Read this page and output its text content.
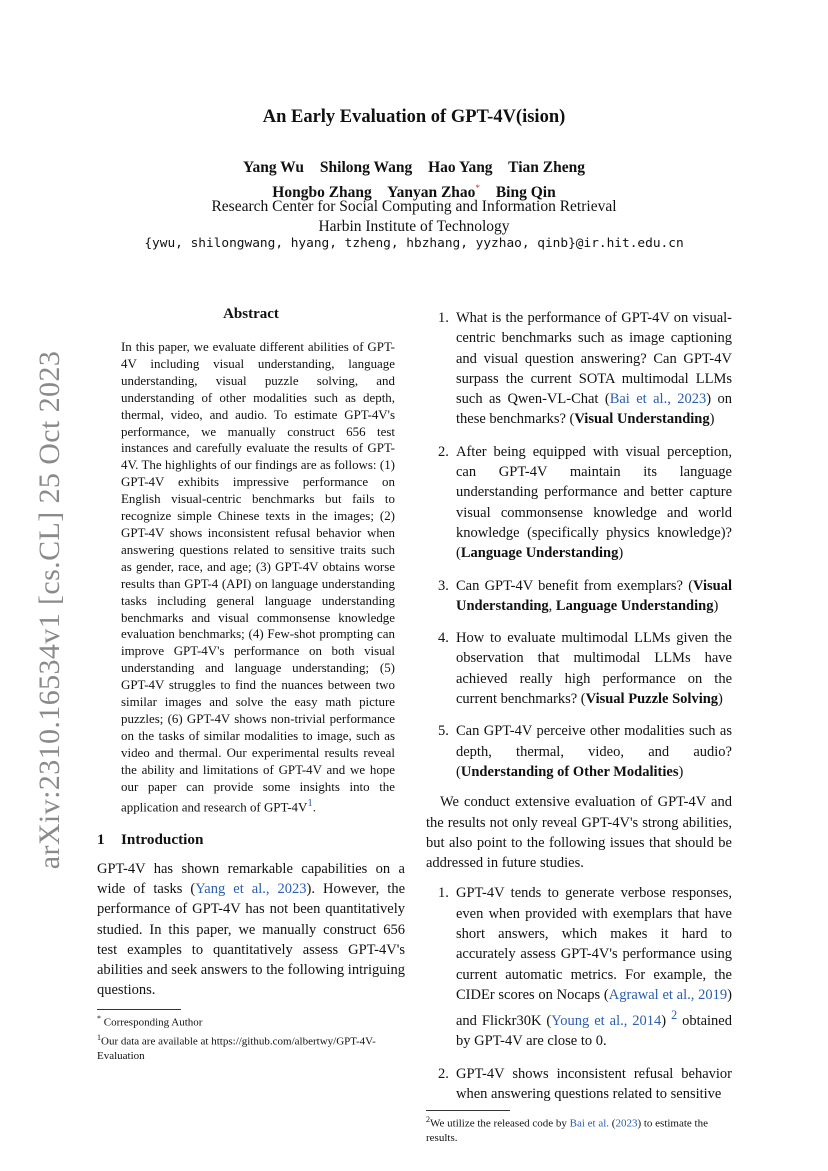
arXiv:2310.16534v1 [cs.CL] 25 Oct 2023
An Early Evaluation of GPT-4V(ision)
Yang Wu Shilong Wang Hao Yang Tian Zheng
Hongbo Zhang Yanyan Zhao* Bing Qin
Research Center for Social Computing and Information Retrieval
Harbin Institute of Technology
{ywu, shilongwang, hyang, tzheng, hbzhang, yyzhao, qinb}@ir.hit.edu.cn
Abstract
In this paper, we evaluate different abilities of GPT-4V including visual understanding, language understanding, visual puzzle solving, and understanding of other modalities such as depth, thermal, video, and audio. To estimate GPT-4V's performance, we manually construct 656 test instances and carefully evaluate the results of GPT-4V. The highlights of our findings are as follows: (1) GPT-4V exhibits impressive performance on English visual-centric benchmarks but fails to recognize simple Chinese texts in the images; (2) GPT-4V shows inconsistent refusal behavior when answering questions related to sensitive traits such as gender, race, and age; (3) GPT-4V obtains worse results than GPT-4 (API) on language understanding tasks including general language understanding benchmarks and visual commonsense knowledge evaluation benchmarks; (4) Few-shot prompting can improve GPT-4V's performance on both visual understanding and language understanding; (5) GPT-4V struggles to find the nuances between two similar images and solve the easy math picture puzzles; (6) GPT-4V shows non-trivial performance on the tasks of similar modalities to image, such as video and thermal. Our experimental results reveal the ability and limitations of GPT-4V and we hope our paper can provide some insights into the application and research of GPT-4V$^1$.
1 Introduction

GPT-4V has shown remarkable capabilities on a wide of tasks (Yang et al., 2023). However, the performance of GPT-4V has not been quantitatively studied. In this paper, we manually construct 656 test examples to quantitatively assess GPT-4V's abilities and seek answers to the following intriguing questions.

* Corresponding Author
$^1$Our data are available at https://github.com/albertwy/GPT-4V-Evaluation
1. What is the performance of GPT-4V on visual-centric benchmarks such as image captioning and visual question answering? Can GPT-4V surpass the current SOTA multimodal LLMs such as Qwen-VL-Chat (Bai et al., 2023) on these benchmarks? (Visual Understanding)
2. After being equipped with visual perception, can GPT-4V maintain its language understanding performance and better capture visual commonsense knowledge and world knowledge (specifically physics knowledge)? (Language Understanding)
3. Can GPT-4V benefit from exemplars? (Visual Understanding, Language Understanding)
4. How to evaluate multimodal LLMs given the observation that multimodal LLMs have achieved really high performance on the current benchmarks? (Visual Puzzle Solving)
5. Can GPT-4V perceive other modalities such as depth, thermal, video, and audio? (Understanding of Other Modalities)

We conduct extensive evaluation of GPT-4V and the results not only reveal GPT-4V's strong abilities, but also point to the following issues that should be addressed in future studies.

1. GPT-4V tends to generate verbose responses, even when provided with exemplars that have short answers, which makes it hard to accurately assess GPT-4V's performance using current automatic metrics. For example, the CIDEr scores on Nocaps (Agrawal et al., 2019) and Flickr30K (Young et al., 2014) $^2$ obtained by GPT-4V are close to 0.
2. GPT-4V shows inconsistent refusal behavior when answering questions related to sensitive
$^2$We utilize the released code by Bai et al. (2023) to estimate the results.
